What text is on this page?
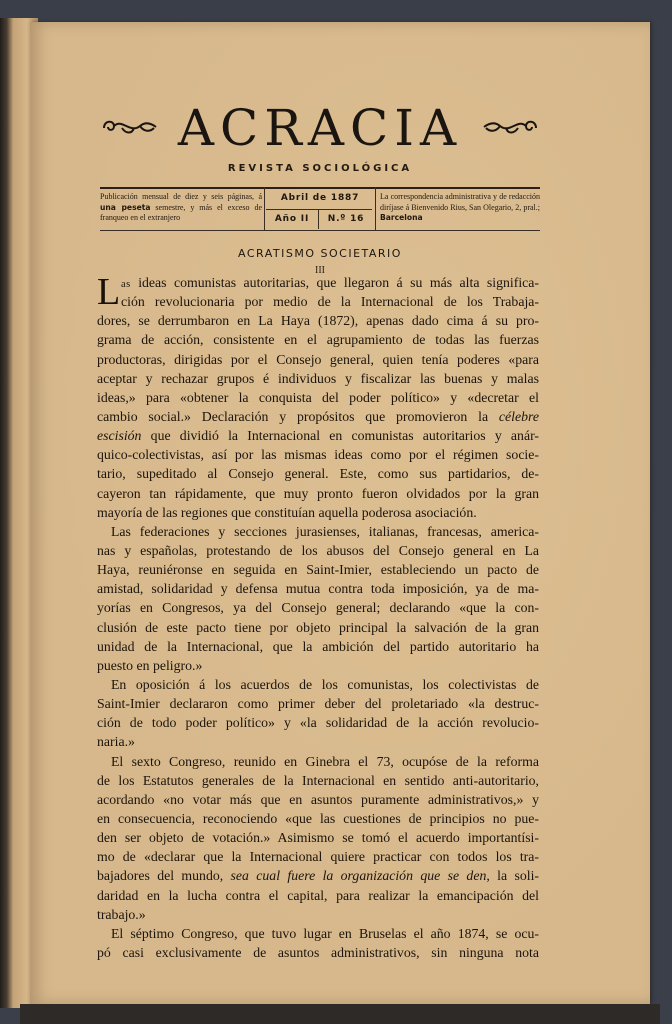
ACRACIA
REVISTA SOCIOLÓGICA
Publicación mensual de diez y seis páginas, á una peseta semestre, y más el exceso de franqueo en el extranjero
Abril de 1887
Año II	N.º 16
La correspondencia administrativa y de redacción diríjase á Bienvenido Rius, San Olegario, 2, pral.; Barcelona
ACRATISMO SOCIETARIO
III
L as ideas comunistas autoritarias, que llegaron á su más alta significa-
ción revolucionaria por medio de la Internacional de los Trabaja-
dores, se derrumbaron en La Haya (1872), apenas dado cima á su pro-
grama de acción, consistente en el agrupamiento de todas las fuerzas
productoras, dirigidas por el Consejo general, quien tenía poderes «para
aceptar y rechazar grupos é individuos y fiscalizar las buenas y malas
ideas,» para «obtener la conquista del poder político» y «decretar el
cambio social.» Declaración y propósitos que promovieron la célebre
escisión que dividió la Internacional en comunistas autoritarios y anár-
quico-colectivistas, así por las mismas ideas como por el régimen socie-
tario, supeditado al Consejo general. Este, como sus partidarios, de-
cayeron tan rápidamente, que muy pronto fueron olvidados por la gran
mayoría de las regiones que constituían aquella poderosa asociación.
Las federaciones y secciones jurasienses, italianas, francesas, america-
nas y españolas, protestando de los abusos del Consejo general en La
Haya, reuniéronse en seguida en Saint-Imier, estableciendo un pacto de
amistad, solidaridad y defensa mutua contra toda imposición, ya de ma-
yorías en Congresos, ya del Consejo general; declarando «que la con-
clusión de este pacto tiene por objeto principal la salvación de la gran
unidad de la Internacional, que la ambición del partido autoritario ha
puesto en peligro.»
En oposición á los acuerdos de los comunistas, los colectivistas de
Saint-Imier declararon como primer deber del proletariado «la destruc-
ción de todo poder político» y «la solidaridad de la acción revolucio-
naria.»
El sexto Congreso, reunido en Ginebra el 73, ocupóse de la reforma
de los Estatutos generales de la Internacional en sentido anti-autoritario,
acordando «no votar más que en asuntos puramente administrativos,» y
en consecuencia, reconociendo «que las cuestiones de principios no pue-
den ser objeto de votación.» Asimismo se tomó el acuerdo importantísi-
mo de «declarar que la Internacional quiere practicar con todos los tra-
bajadores del mundo, sea cual fuere la organización que se den, la soli-
daridad en la lucha contra el capital, para realizar la emancipación del
trabajo.»
El séptimo Congreso, que tuvo lugar en Bruselas el año 1874, se ocu-
pó casi exclusivamente de asuntos administrativos, sin ninguna nota
